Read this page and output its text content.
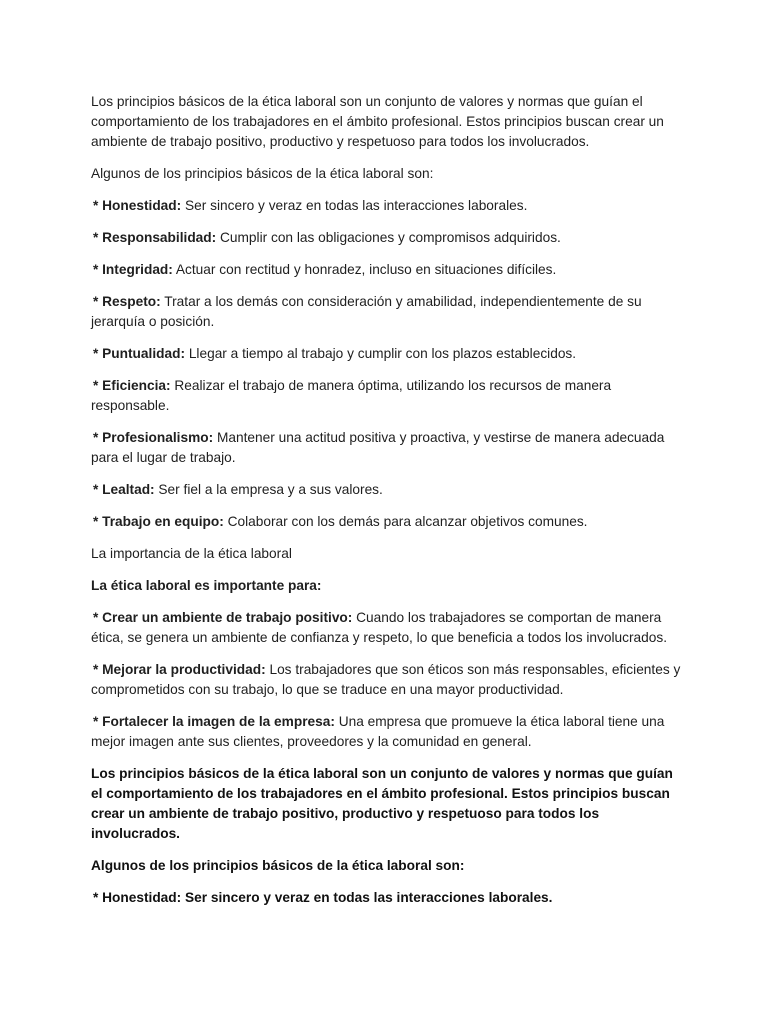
Los principios básicos de la ética laboral son un conjunto de valores y normas que guían el comportamiento de los trabajadores en el ámbito profesional. Estos principios buscan crear un ambiente de trabajo positivo, productivo y respetuoso para todos los involucrados.

Algunos de los principios básicos de la ética laboral son:

* Honestidad: Ser sincero y veraz en todas las interacciones laborales.

* Responsabilidad: Cumplir con las obligaciones y compromisos adquiridos.

* Integridad: Actuar con rectitud y honradez, incluso en situaciones difíciles.

* Respeto: Tratar a los demás con consideración y amabilidad, independientemente de su jerarquía o posición.

* Puntualidad: Llegar a tiempo al trabajo y cumplir con los plazos establecidos.

* Eficiencia: Realizar el trabajo de manera óptima, utilizando los recursos de manera responsable.

* Profesionalismo: Mantener una actitud positiva y proactiva, y vestirse de manera adecuada para el lugar de trabajo.

* Lealtad: Ser fiel a la empresa y a sus valores.

* Trabajo en equipo: Colaborar con los demás para alcanzar objetivos comunes.

La importancia de la ética laboral

La ética laboral es importante para:

* Crear un ambiente de trabajo positivo: Cuando los trabajadores se comportan de manera ética, se genera un ambiente de confianza y respeto, lo que beneficia a todos los involucrados.

* Mejorar la productividad: Los trabajadores que son éticos son más responsables, eficientes y comprometidos con su trabajo, lo que se traduce en una mayor productividad.

* Fortalecer la imagen de la empresa: Una empresa que promueve la ética laboral tiene una mejor imagen ante sus clientes, proveedores y la comunidad en general.

Los principios básicos de la ética laboral son un conjunto de valores y normas que guían el comportamiento de los trabajadores en el ámbito profesional. Estos principios buscan crear un ambiente de trabajo positivo, productivo y respetuoso para todos los involucrados.

Algunos de los principios básicos de la ética laboral son:

* Honestidad: Ser sincero y veraz en todas las interacciones laborales.
